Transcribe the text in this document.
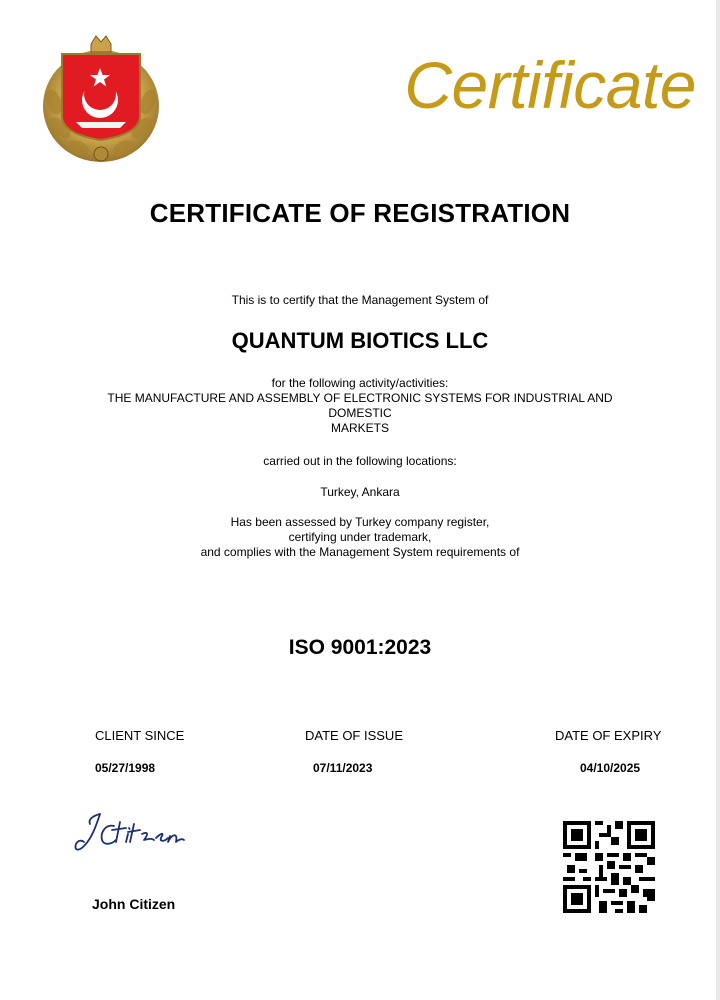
Certificate
CERTIFICATE OF REGISTRATION
This is to certify that the Management System of
QUANTUM BIOTICS LLC
for the following activity/activities:
THE MANUFACTURE AND ASSEMBLY OF ELECTRONIC SYSTEMS FOR INDUSTRIAL AND
DOMESTIC
MARKETS
carried out in the following locations:
Turkey, Ankara
Has been assessed by Turkey company register,
certifying under trademark,
and complies with the Management System requirements of
ISO 9001:2023
CLIENT SINCE	DATE OF ISSUE	DATE OF EXPIRY
05/27/1998	07/11/2023	04/10/2025
John Citizen
